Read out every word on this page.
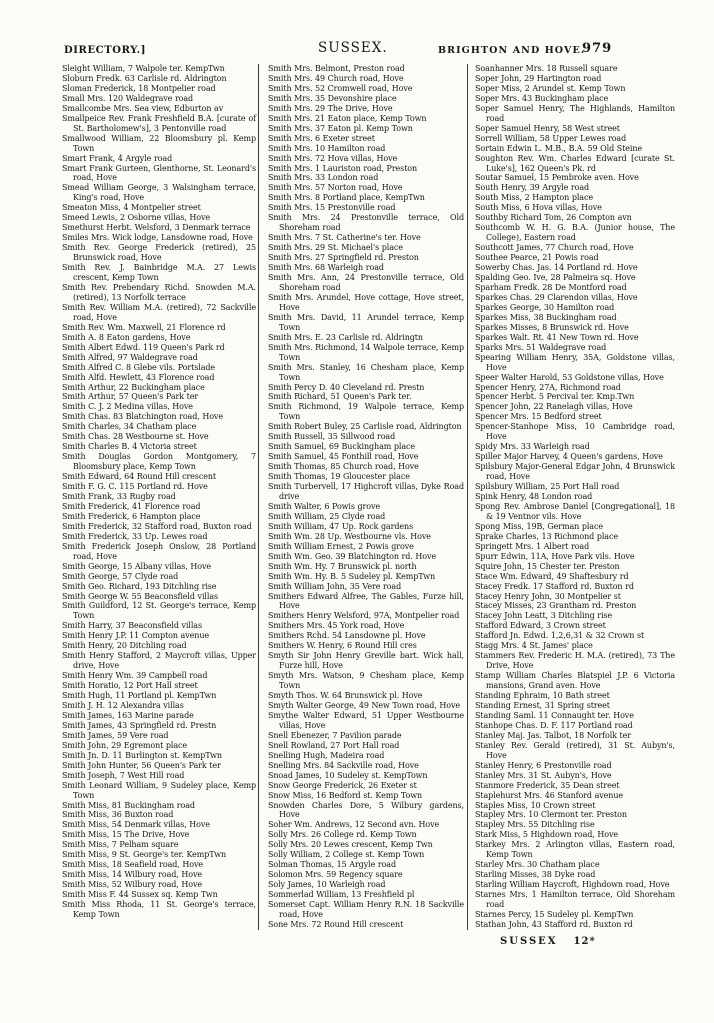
DIRECTORY.]	SUSSEX.	BRIGHTON AND HOVE.
979

Sleight William, 7 Walpole ter. KempTwn

Sloburn Fredk. 63 Carlisle rd. Aldrington

Sloman Frederick, 18 Montpelier road

Small Mrs. 120 Waldegrave road

Smallcombe Mrs. Sea view, Edburton av

Smallpeice Rev. Frank Freshfield B.A. [curate of St. Bartholomew's], 3 Pentonville road

Smallwood William, 22 Bloomsbury pl. Kemp Town

Smart Frank, 4 Argyle road

Smart Frank Gurteen, Glenthorne, St. Leonard's road, Hove

Smead William George, 3 Walsingham terrace, King's road, Hove

Smeaton Miss, 4 Montpelier street

Smeed Lewis, 2 Osborne villas, Hove

Smethurst Herbt. Welsford, 3 Denmark terrace

Smiles Mrs. Wick lodge, Lansdowne road, Hove

Smith Rev. George Frederick (retired), 25 Brunswick road, Hove

Smith Rev. J. Bainbridge M.A. 27 Lewis crescent, Kemp Town

Smith Rev. Prebendary Richd. Snowden M.A. (retired), 13 Norfolk terrace

Smith Rev. William M.A. (retired), 72 Sackville road, Hove

Smith Rev. Wm. Maxwell, 21 Florence rd

Smith A. 8 Eaton gardens, Hove

Smith Albert Edwd. 119 Queen's Park rd

Smith Alfred, 97 Waldegrave road

Smith Alfred C. 8 Glebe vils. Portslade

Smith Alfd. Hewlett, 43 Florence road

Smith Arthur, 22 Buckingham place

Smith Arthur, 57 Queen's Park ter

Smith C. J. 2 Medina villas, Hove

Smith Chas. 83 Blatchington road, Hove

Smith Charles, 34 Chatham place

Smith Chas. 28 Westbourne st. Hove

Smith Charles B. 4 Victoria street

Smith Douglas Gordon Montgomery, 7 Bloomsbury place, Kemp Town

Smith Edward, 64 Round Hill crescent

Smith F. G. C. 115 Portland rd. Hove

Smith Frank, 33 Rugby road

Smith Frederick, 41 Florence road

Smith Frederick, 6 Hampton place

Smith Frederick, 32 Stafford road, Buxton road

Smith Frederick, 33 Up. Lewes road

Smith Frederick Joseph Onslow, 28 Portland road, Hove

Smith George, 15 Albany villas, Hove

Smith George, 57 Clyde road

Smith Geo. Richard, 193 Ditchling rise

Smith George W. 55 Beaconsfield villas

Smith Guildford, 12 St. George's terrace, Kemp Town

Smith Harry, 37 Beaconsfield villas

Smith Henry J.P. 11 Compton avenue

Smith Henry, 20 Ditchling road

Smith Henry Stafford, 2 Maycroft villas, Upper drive, Hove

Smith Henry Wm. 39 Campbell road

Smith Horatio, 12 Port Hall street

Smith Hugh, 11 Portland pl. KempTwn

Smith J. H. 12 Alexandra villas

Smith James, 163 Marine parade

Smith James, 43 Springfield rd. Prestn

Smith James, 59 Vere road

Smith John, 29 Egremont place

Smith Jn. D. 11 Burlington st. KempTwn

Smith John Hunter, 56 Queen's Park ter

Smith Joseph, 7 West Hill road

Smith Leonard William, 9 Sudeley place, Kemp Town

Smith Miss, 81 Buckingham road

Smith Miss, 36 Buxton road

Smith Miss, 54 Denmark villas, Hove

Smith Miss, 15 The Drive, Hove

Smith Miss, 7 Pelham square

Smith Miss, 9 St. George's ter. KempTwn

Smith Miss, 18 Seafield road, Hove

Smith Miss, 14 Wilbury road, Hove

Smith Miss, 52 Wilbury road, Hove

Smith Miss F. 44 Sussex sq. Kemp Twn

Smith Miss Rhoda, 11 St. George's terrace, Kemp Town

Smith Mrs. Belmont, Preston road

Smith Mrs. 49 Church road, Hove

Smith Mrs. 52 Cromwell road, Hove

Smith Mrs. 35 Devonshire place

Smith Mrs. 29 The Drive, Hove

Smith Mrs. 21 Eaton place, Kemp Town

Smith Mrs. 37 Eaton pl. Kemp Town

Smith Mrs. 6 Exeter street

Smith Mrs. 10 Hamilton road

Smith Mrs. 72 Hova villas, Hove

Smith Mrs. 1 Lauriston road, Preston

Smith Mrs. 33 London road

Smith Mrs. 57 Norton road, Hove

Smith Mrs. 8 Portland place, KempTwn

Smith Mrs. 15 Prestonville road

Smith Mrs. 24 Prestonville terrace, Old Shoreham road

Smith Mrs. 7 St. Catherine's ter. Hove

Smith Mrs. 29 St. Michael's place

Smith Mrs. 27 Springfield rd. Preston

Smith Mrs. 68 Warleigh road

Smith Mrs. Ann, 24 Prestonville terrace, Old Shoreham road

Smith Mrs. Arundel, Hove cottage, Hove street, Hove

Smith Mrs. David, 11 Arundel terrace, Kemp Town

Smith Mrs. E. 23 Carlisle rd. Aldringtn

Smith Mrs. Richmond, 14 Walpole terrace, Kemp Town

Smith Mrs. Stanley, 16 Chesham place, Kemp Town

Smith Percy D. 40 Cleveland rd. Prestn

Smith Richard, 51 Queen's Park ter.

Smith Richmond, 19 Walpole terrace, Kemp Town

Smith Robert Buley, 25 Carlisle road, Aldrington

Smith Russell, 35 Sillwood road

Smith Samuel, 69 Buckingham place

Smith Samuel, 45 Fonthill road, Hove

Smith Thomas, 85 Church road, Hove

Smith Thomas, 19 Gloucester place

Smith Turbervell, 17 Highcroft villas, Dyke Road drive

Smith Walter, 6 Powis grove

Smith William, 25 Clyde road

Smith William, 47 Up. Rock gardens

Smith Wm. 28 Up. Westbourne vls. Hove

Smith William Ernest, 2 Powis grove

Smith Wm. Geo. 39 Blatchington rd. Hove

Smith Wm. Hy. 7 Brunswick pl. north

Smith Wm. Hy. B. 5 Sudeley pl. KempTwn

Smith William John, 35 Vere road

Smithers Edward Alfree, The Gables, Furze hill, Hove

Smithers Henry Welsford, 97A, Montpelier road

Smithers Mrs. 45 York road, Hove

Smithers Rchd. 54 Lansdowne pl. Hove

Smithers W. Henry, 6 Round Hill cres

Smyth Sir John Henry Greville bart. Wick hall, Furze hill, Hove

Smyth Mrs. Watson, 9 Chesham place, Kemp Town

Smyth Thos. W. 64 Brunswick pl. Hove

Smyth Walter George, 49 New Town road, Hove

Smythe Walter Edward, 51 Upper Westbourne villas, Hove

Snell Ebenezer, 7 Pavilion parade

Snell Rowland, 27 Port Hall road

Snelling Hugh, Madeira road

Snelling Mrs. 84 Sackville road, Hove

Snoad James, 10 Sudeley st. KempTown

Snow George Frederick, 26 Exeter st

Snow Miss, 16 Bedford st. Kemp Town

Snowden Charles Dore, 5 Wilbury gardens, Hove

Soher Wm. Andrews, 12 Second avn. Hove

Solly Mrs. 26 College rd. Kemp Town

Solly Mrs. 20 Lewes crescent, Kemp Twn

Solly William, 2 College st. Kemp Town

Solman Thomas, 15 Argyle road

Solomon Mrs. 59 Regency square

Soly James, 10 Warleigh road

Sommerlad William, 13 Freshfield pl

Somerset Capt. William Henry R.N. 18 Sackville road, Hove

Sone Mrs. 72 Round Hill crescent

Soanhanner Mrs. 18 Russell square

Soper John, 29 Hartington road

Soper Miss, 2 Arundel st. Kemp Town

Soper Mrs. 43 Buckingham place

Soper Samuel Henry, The Highlands, Hamilton road

Soper Samuel Henry, 58 West street

Sorrell William, 58 Upper Lewes road

Sortain Edwin L. M.B., B.A. 59 Old Steine

Soughton Rev. Wm. Charles Edward [curate St. Luke's], 162 Queen's Pk. rd

Soutar Samuel, 15 Pembroke aven. Hove

South Henry, 39 Argyle road

South Miss, 2 Hampton place

South Miss, 6 Hova villas, Hove

Southby Richard Tom, 26 Compton avn

Southcomb W. H. G. B.A. (Junior house, The College), Eastern road

Southcott James, 77 Church road, Hove

Southee Pearce, 21 Powis road

Sowerby Chas. Jas. 14 Portland rd. Hove

Spalding Geo. Ive, 28 Palmeira sq. Hove

Sparham Fredk. 28 De Montford road

Sparkes Chas. 29 Clarendon villas, Hove

Sparkes George, 30 Hamilton road

Sparkes Miss, 38 Buckingham road

Sparkes Misses, 8 Brunswick rd. Hove

Sparkes Walt. Rt. 41 New Town rd. Hove

Sparks Mrs. 51 Waldegrave road

Spearing William Henry, 35A, Goldstone villas, Hove

Speer Walter Harold, 53 Goldstone villas, Hove

Spencer Henry, 27A, Richmond road

Spencer Herbt. 5 Percival ter. Kmp.Twn

Spencer John, 22 Ranelagh villas, Hove

Spencer Mrs. 15 Bedford street

Spencer-Stanhope Miss, 10 Cambridge road, Hove

Spidy Mrs. 33 Warleigh road

Spiller Major Harvey, 4 Queen's gardens, Hove

Spilsbury Major-General Edgar John, 4 Brunswick road, Hove

Spilsbury William, 25 Port Hall road

Spink Henry, 48 London road

Spong Rev. Ambrose Daniel [Congregational], 18 & 19 Ventnor vils. Hove

Spong Miss, 19B, German place

Sprake Charles, 13 Richmond place

Springett Mrs. 1 Albert road

Spurr Edwin, 11A, Hove Park vils. Hove

Squire John, 15 Chester ter. Preston

Stace Wm. Edward, 49 Shaftesbury rd

Stacey Fredk. 17 Stafford rd. Buxton rd

Stacey Henry John, 30 Montpelier st

Stacey Misses, 23 Grantham rd. Preston

Stacey John Leatt, 3 Ditchling rise

Stafford Edward, 3 Crown street

Stafford Jn. Edwd. 1,2,6,31 & 32 Crown st

Stagg Mrs. 4 St. James' place

Stammers Rev. Frederic H. M.A. (retired), 73 The Drive, Hove

Stamp William Charles Blatspiel J.P. 6 Victoria mansions, Grand aven. Hove

Standing Ephraim, 10 Bath street

Standing Ernest, 31 Spring street

Standing Saml. 11 Connaught ter. Hove

Stanhope Chas. D. F. 117 Portland road

Stanley Maj. Jas. Talbot, 18 Norfolk ter

Stanley Rev. Gerald (retired), 31 St. Aubyn's, Hove

Stanley Henry, 6 Prestonville road

Stanley Mrs. 31 St. Aubyn's, Hove

Stanmore Frederick, 35 Dean street

Staplehurst Mrs. 46 Stanford avenue

Staples Miss, 10 Crown street

Stapley Mrs. 10 Clermont ter. Preston

Stapley Mrs. 55 Ditchling rise

Stark Miss, 5 Highdown road, Hove

Starkey Mrs. 2 Arlington villas, Eastern road, Kemp Town

Starley Mrs. 30 Chatham place

Starling Misses, 38 Dyke road

Starling William Haycroft, Highdown road, Hove

Starnes Mrs. 1 Hamilton terrace, Old Shoreham road

Starnes Percy, 15 Sudeley pl. KempTwn

Stathan John, 43 Stafford rd. Buxton rd

SUSSEX 12*
